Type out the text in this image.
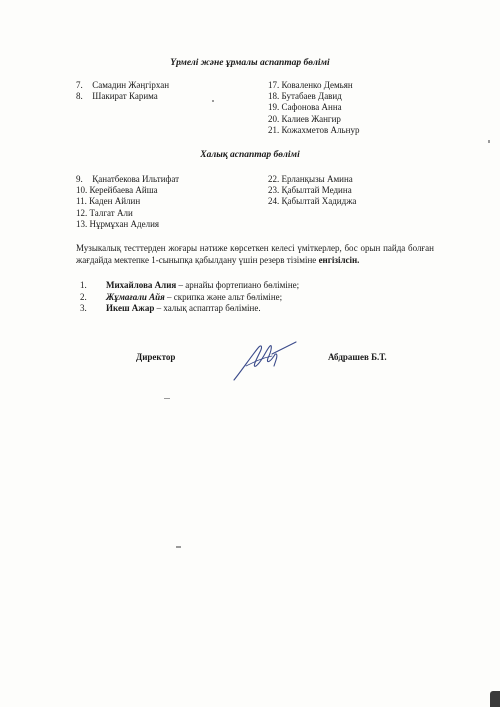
Үрмелі және ұрмалы аспаптар бөлімі
7. Самадин Жәңгірхан
8. Шакират Карима
17. Коваленко Демьян
18. Бутабаев Давид
19. Сафонова Анна
20. Калиев Жангир
21. Кожахметов Альнур
Халық аспаптар бөлімі
9. Қанатбекова Ильтифат
10. Керейбаева Айша
11. Каден Айлин
12. Талгат Али
13. Нұрмұхан Аделия
22. Ерланқызы Амина
23. Қабылтай Медина
24. Қабылтай Хадиджа
Музыкалық тесттерден жоғары нәтиже көрсеткен келесі үміткерлер, бос орын пайда болған жағдайда мектепке 1-сыныпқа қабылдану үшін резерв тізіміне енгізілсін.
1. Михайлова Алия – арнайы фортепиано бөліміне;
2. Жұмағали Айя – скрипка және альт бөліміне;
3. Икеш Ажар – халық аспаптар бөліміне.
Директор	Абдрашев Б.Т.
